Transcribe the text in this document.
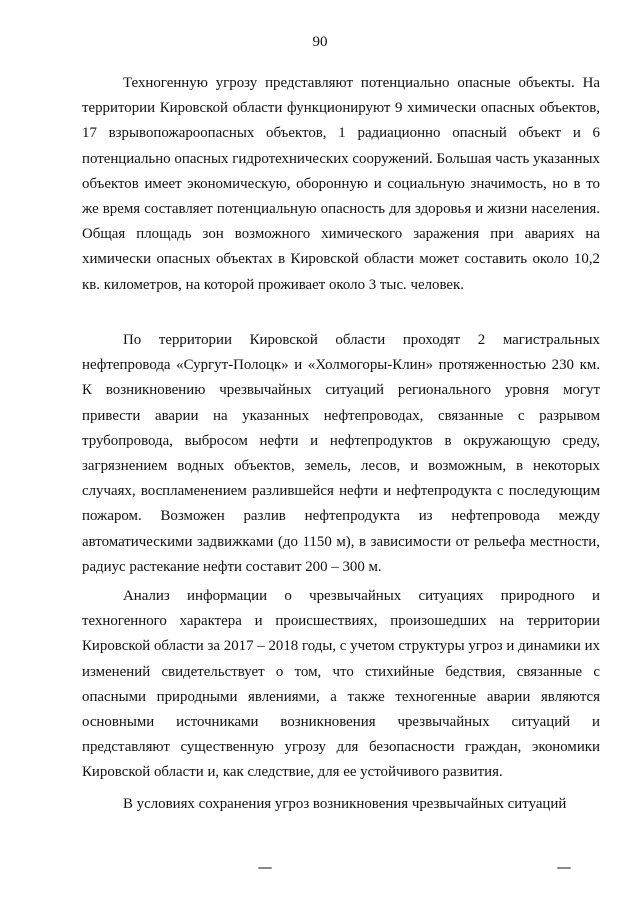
90

Техногенную угрозу представляют потенциально опасные объекты. На территории Кировской области функционируют 9 химически опасных объектов, 17 взрывопожароопасных объектов, 1 радиационно опасный объект и 6 потенциально опасных гидротехнических сооружений. Большая часть указанных объектов имеет экономическую, оборонную и социальную значимость, но в то же время составляет потенциальную опасность для здоровья и жизни населения. Общая площадь зон возможного химического заражения при авариях на химически опасных объектах в Кировской области может составить около 10,2 кв. километров, на которой проживает около 3 тыс. человек.

По территории Кировской области проходят 2 магистральных нефтепровода «Сургут-Полоцк» и «Холмогоры-Клин» протяженностью 230 км. К возникновению чрезвычайных ситуаций регионального уровня могут привести аварии на указанных нефтепроводах, связанные с разрывом трубопровода, выбросом нефти и нефтепродуктов в окружающую среду, загрязнением водных объектов, земель, лесов, и возможным, в некоторых случаях, воспламенением разлившейся нефти и нефтепродукта с последующим пожаром. Возможен разлив нефтепродукта из нефтепровода между автоматическими задвижками (до 1150 м), в зависимости от рельефа местности, радиус растекание нефти составит 200 – 300 м.

Анализ информации о чрезвычайных ситуациях природного и техногенного характера и происшествиях, произошедших на территории Кировской области за 2017 – 2018 годы, с учетом структуры угроз и динамики их изменений свидетельствует о том, что стихийные бедствия, связанные с опасными природными явлениями, а также техногенные аварии являются основными источниками возникновения чрезвычайных ситуаций и представляют существенную угрозу для безопасности граждан, экономики Кировской области и, как следствие, для ее устойчивого развития.

В условиях сохранения угроз возникновения чрезвычайных ситуаций
